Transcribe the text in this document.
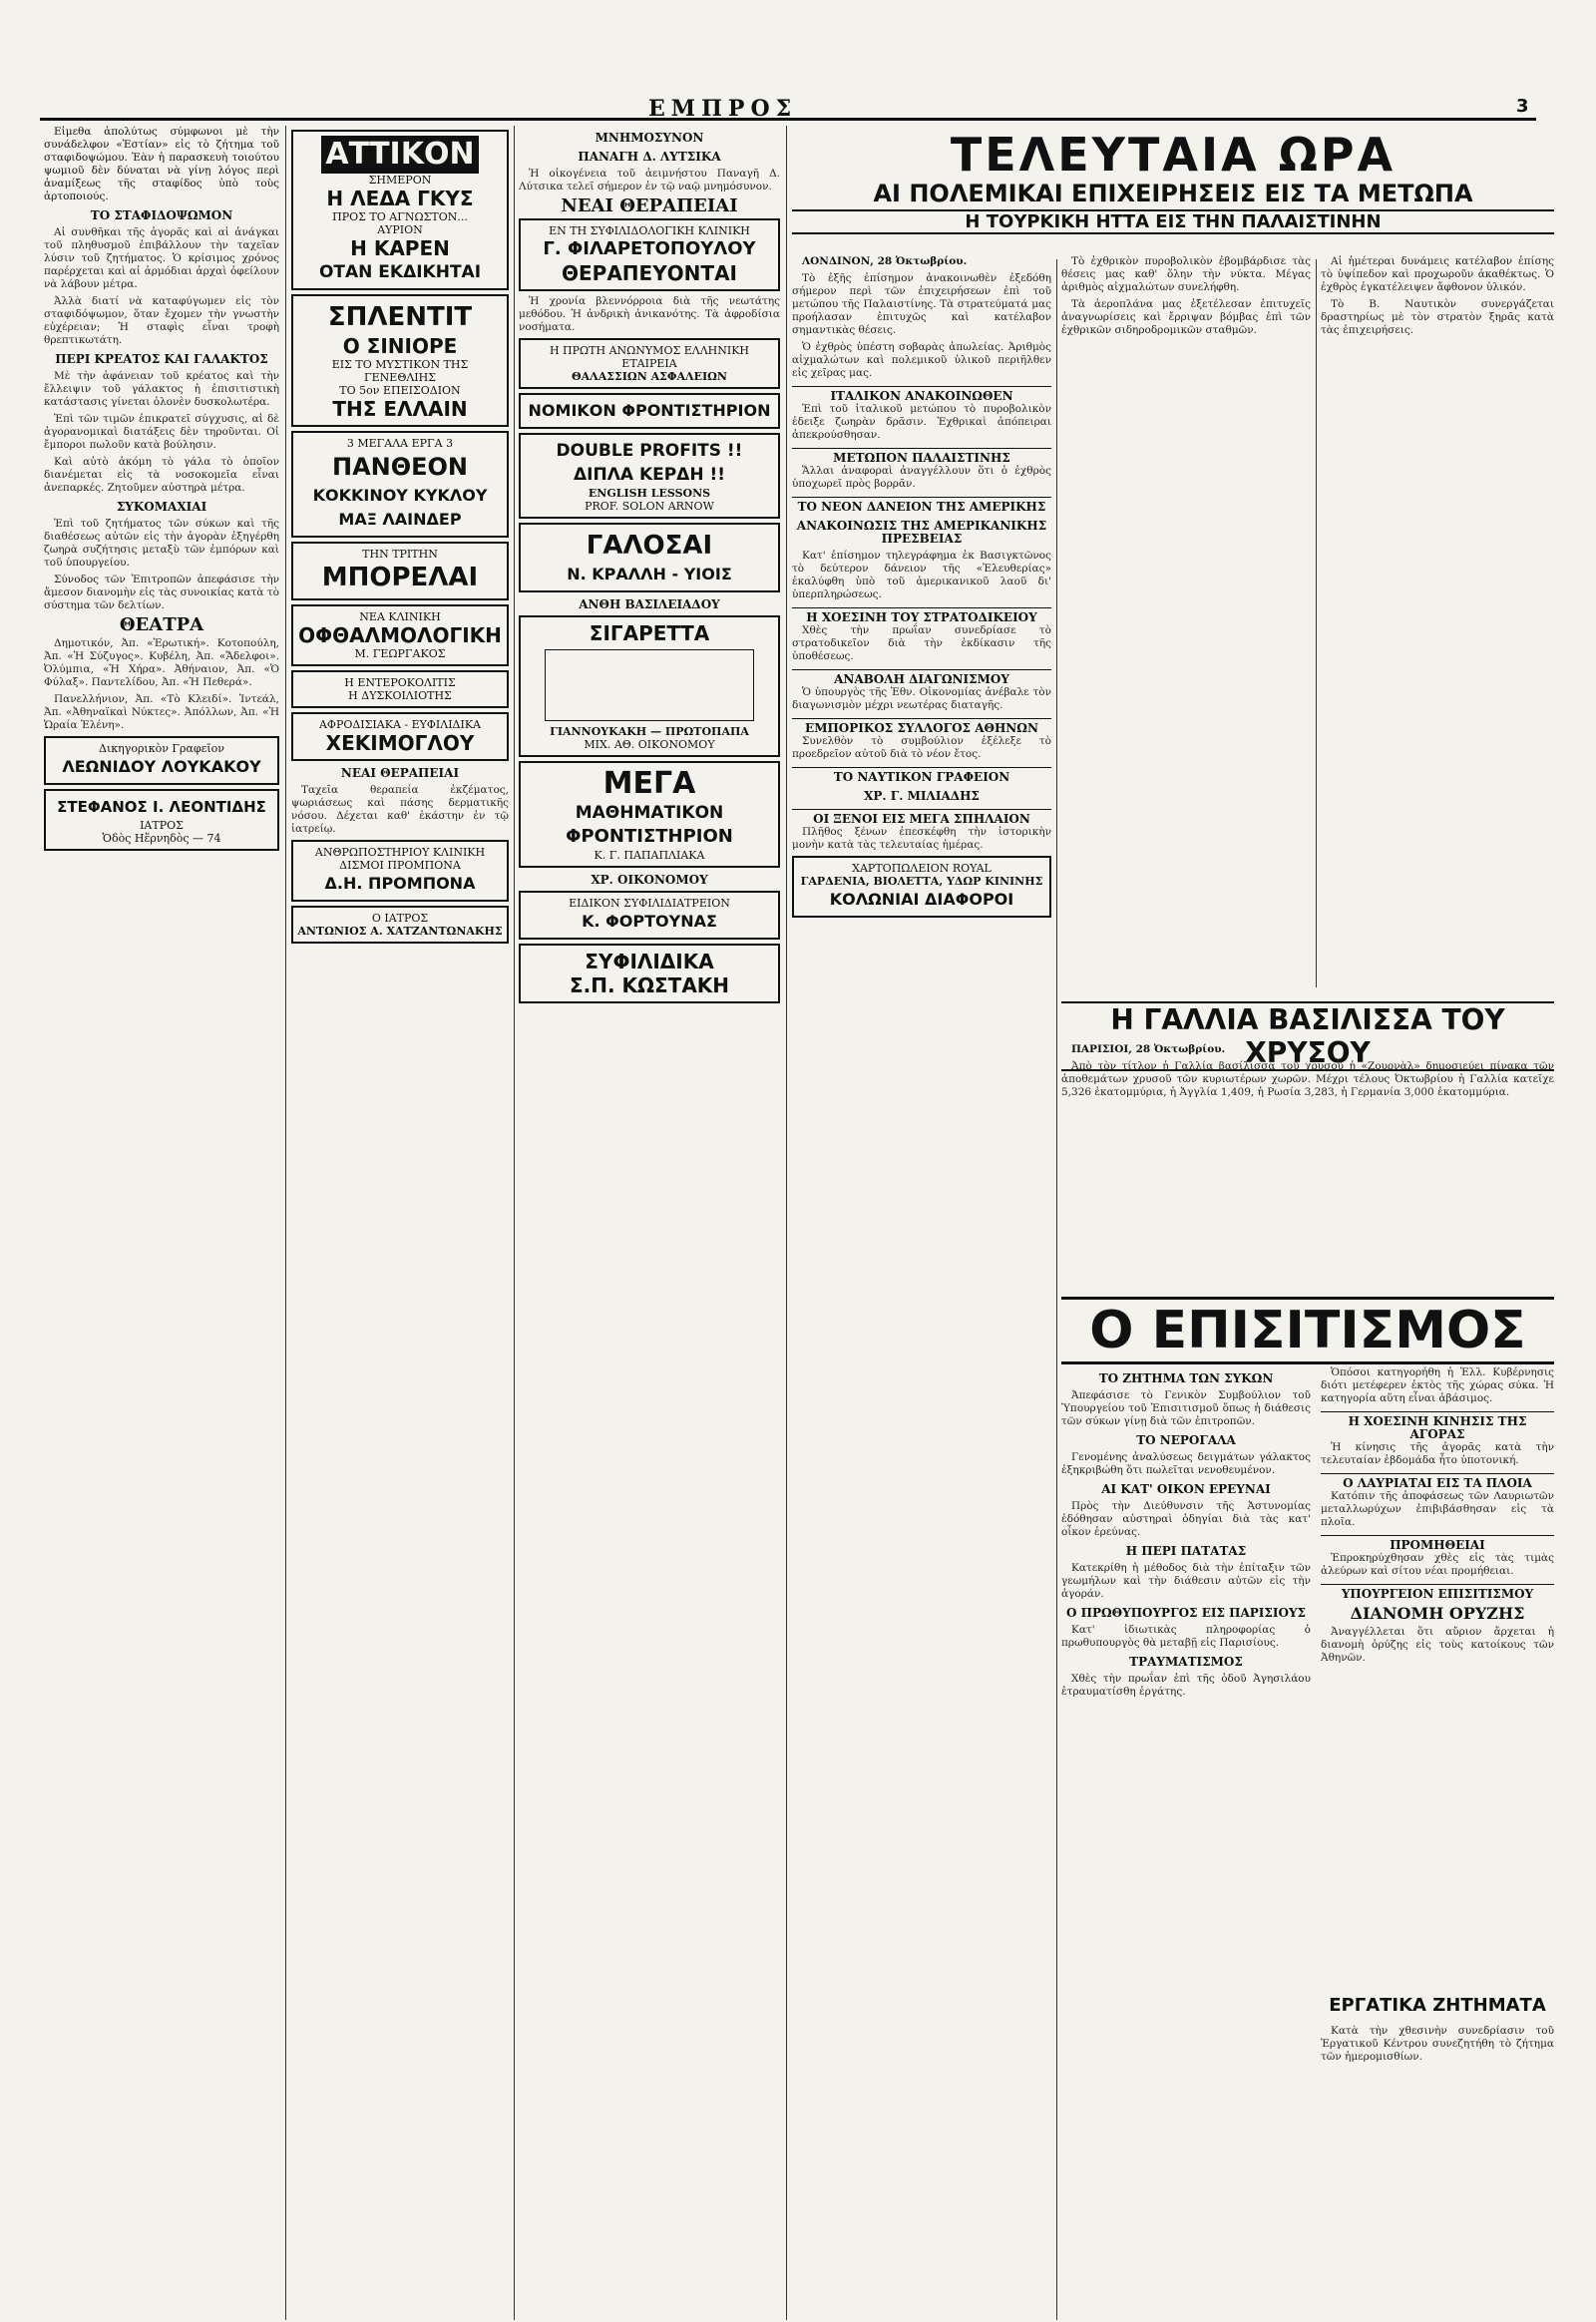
ΕΜΠΡΟΣ	3

Εἰμεθα ἀπολύτως σύμφωνοι μὲ τὴν συνάδελφον «Ἑστίαν» εἰς τὸ ζήτημα τοῦ σταφιδοψώμου. Ἐὰν ἡ παρασκευὴ τοιούτου ψωμιοῦ δὲν δύναται νὰ γίνῃ λόγος περὶ ἀναμίξεως τῆς σταφίδος ὑπὸ τοὺς ἀρτοποιούς.

ΤΟ ΣΤΑΦΙΔΟΨΩΜΟΝ

Αἱ συνθῆκαι τῆς ἀγορᾶς καὶ αἱ ἀνάγκαι τοῦ πληθυσμοῦ ἐπιβάλλουν τὴν ταχεῖαν λύσιν τοῦ ζητήματος. Ὁ κρίσιμος χρόνος παρέρχεται καὶ αἱ ἀρμόδιαι ἀρχαὶ ὀφείλουν νὰ λάβουν μέτρα.

Ἀλλὰ διατί νὰ καταφύγωμεν εἰς τὸν σταφιδόψωμον, ὅταν ἔχομεν τὴν γνωστὴν εὐχέρειαν; Ἡ σταφὶς εἶναι τροφὴ θρεπτικωτάτη.

ΠΕΡΙ ΚΡΕΑΤΟΣ ΚΑΙ ΓΑΛΑΚΤΟΣ

Μὲ τὴν ἀφάνειαν τοῦ κρέατος καὶ τὴν ἔλλειψιν τοῦ γάλακτος ἡ ἐπισιτιστικὴ κατάστασις γίνεται ὁλονὲν δυσκολωτέρα.

Ἐπὶ τῶν τιμῶν ἐπικρατεῖ σύγχυσις, αἱ δὲ ἀγορανομικαὶ διατάξεις δὲν τηροῦνται. Οἱ ἔμποροι πωλοῦν κατὰ βούλησιν.

Καὶ αὐτὸ ἀκόμη τὸ γάλα τὸ ὁποῖον διανέμεται εἰς τὰ νοσοκομεῖα εἶναι ἀνεπαρκές. Ζητοῦμεν αὐστηρὰ μέτρα.

ΣΥΚΟΜΑΧΙΑΙ

Ἐπὶ τοῦ ζητήματος τῶν σύκων καὶ τῆς διαθέσεως αὐτῶν εἰς τὴν ἀγορὰν ἐξηγέρθη ζωηρὰ συζήτησις μεταξὺ τῶν ἐμπόρων καὶ τοῦ ὑπουργείου.

Σύνοδος τῶν Ἐπιτροπῶν ἀπεφάσισε τὴν ἄμεσον διανομὴν εἰς τὰς συνοικίας κατὰ τὸ σύστημα τῶν δελτίων.

ΘΕΑΤΡΑ

Δημοτικόν, Ἀπ. «Ἐρωτική». Κοτοπούλη, Ἀπ. «Ἡ Σύζυγος». Κυβέλη, Ἀπ. «Ἄδελφοι». Ὀλύμπια, «Ἡ Χήρα». Ἀθήναιον, Ἀπ. «Ὁ Φύλαξ». Παντελίδου, Ἀπ. «Ἡ Πεθερά».

Πανελλήνιον, Ἀπ. «Τὸ Κλειδί». Ἰντεάλ, Ἀπ. «Ἀθηναϊκαὶ Νύκτες». Ἀπόλλων, Ἀπ. «Ἡ Ὡραία Ἑλένη».

Δικηγορικὸν Γραφεῖον
ΛΕΩΝΙΔΟΥ ΛΟΥΚΑΚΟΥ
ΣΤΕΦΑΝΟΣ Ι. ΛΕΟΝΤΙΔΗΣ
ΙΑΤΡΟΣ
Ὁδὸς Ηἕρνηδὸς — 74
ΑΤΤΙΚΟΝ
ΣΗΜΕΡΟΝ
Η ΛΕΔΑ ΓΚΥΣ
ΠΡΟΣ ΤΟ ΑΓΝΩΣΤΟΝ...
ΑΥΡΙΟΝ
Η ΚΑΡΕΝ
ΟΤΑΝ ΕΚΔΙΚΗΤΑΙ
ΣΠΛΕΝΤΙΤ
Ο ΣΙΝΙΟΡΕ
ΕΙΣ ΤΟ ΜΥΣΤΙΚΟΝ ΤΗΣ ΓΕΝΕΘΛΙΗΣ
ΤΟ 5ον ΕΠΕΙΣΟΔΙΟΝ
ΤΗΣ ΕΛΛΑΙΝ
3 ΜΕΓΑΛΑ ΕΡΓΑ 3
ΠΑΝΘΕΟΝ
ΚΟΚΚΙΝΟΥ ΚΥΚΛΟΥ
ΜΑΞ ΛΑΙΝΔΕΡ
ΤΗΝ ΤΡΙΤΗΝ
ΜΠΟΡΕΛΑΙ
ΝΕΑ ΚΛΙΝΙΚΗ
ΟΦΘΑΛΜΟΛΟΓΙΚΗ
Μ. ΓΕΩΡΓΑΚΟΣ
Η ΕΝΤΕΡΟΚΟΛΙΤΙΣ
Η ΔΥΣΚΟΙΛΙΟΤΗΣ
ΑΦΡΟΔΙΣΙΑΚΑ - ΕΥΦΙΛΙΔΙΚΑ
ΧΕΚΙΜΟΓΛΟΥ
ΝΕΑΙ ΘΕΡΑΠΕΙΑΙ

Ταχεῖα θεραπεία ἐκζέματος, ψωριάσεως καὶ πάσης δερματικῆς νόσου. Δέχεται καθ' ἑκάστην ἐν τῷ ἰατρείῳ.

ΑΝΘΡΩΠΟΣΤΗΡΙΟΥ ΚΛΙΝΙΚΗ ΔΙΣΜΟΙ ΠΡΟΜΠΟΝΑ
Δ.Η. ΠΡΟΜΠΟΝΑ
Ο ΙΑΤΡΟΣ
ΑΝΤΩΝΙΟΣ Α. ΧΑΤΖΑΝΤΩΝΑΚΗΣ
ΜΝΗΜΟΣΥΝΟΝ
ΠΑΝΑΓΗ Δ. ΛΥΤΣΙΚΑ

Ἡ οἰκογένεια τοῦ ἀειμνήστου Παναγῆ Δ. Λύτσικα τελεῖ σήμερον ἐν τῷ ναῷ μνημόσυνον.

ΝΕΑΙ ΘΕΡΑΠΕΙΑΙ
ΕΝ ΤΗ ΣΥΦΙΛΙΔΟΛΟΓΙΚΗ ΚΛΙΝΙΚΗ
Γ. ΦΙΛΑΡΕΤΟΠΟΥΛΟΥ
ΘΕΡΑΠΕΥΟΝΤΑΙ

Ἡ χρονία βλεννόρροια διὰ τῆς νεωτάτης μεθόδου. Ἡ ἀνδρικὴ ἀνικανότης. Τὰ ἀφροδίσια νοσήματα.

Η ΠΡΩΤΗ ΑΝΩΝΥΜΟΣ ΕΛΛΗΝΙΚΗ ΕΤΑΙΡΕΙΑ
ΘΑΛΑΣΣΙΩΝ ΑΣΦΑΛΕΙΩΝ
ΝΟΜΙΚΟΝ ΦΡΟΝΤΙΣΤΗΡΙΟΝ
DOUBLE PROFITS !!
ΔΙΠΛΑ ΚΕΡΔΗ !!
ENGLISH LESSONS
PROF. SOLON ARNOW
ΓΑΛΟΣΑΙ
Ν. ΚΡΑΛΛΗ - ΥΙΟΙΣ
ΑΝΘΗ ΒΑΣΙΛΕΙΑΔΟΥ
ΣΙΓΑΡΕΤΤΑ
ΓΙΑΝΝΟΥΚΑΚΗ — ΠΡΩΤΟΠΑΠΑ
ΜΙΧ. ΑΘ. ΟΙΚΟΝΟΜΟΥ
ΜΕΓΑ
ΜΑΘΗΜΑΤΙΚΟΝ
ΦΡΟΝΤΙΣΤΗΡΙΟΝ
Κ. Γ. ΠΑΠΑΠΛΙΑΚΑ
ΧΡ. ΟΙΚΟΝΟΜΟΥ
ΕΙΔΙΚΟΝ ΣΥΦΙΛΙΔΙΑΤΡΕΙΟΝ
Κ. ΦΟΡΤΟΥΝΑΣ
ΣΥΦΙΛΙΔΙΚΑ
Σ.Π. ΚΩΣΤΑΚΗ
ΤΕΛΕΥΤΑΙΑ ΩΡΑ
ΑΙ ΠΟΛΕΜΙΚΑΙ ΕΠΙΧΕΙΡΗΣΕΙΣ ΕΙΣ ΤΑ ΜΕΤΩΠΑ
Η ΤΟΥΡΚΙΚΗ ΗΤΤΑ ΕΙΣ ΤΗΝ ΠΑΛΑΙΣΤΙΝΗΝ

ΛΟΝΔΙΝΟΝ, 28 Ὀκτωβρίου.

Τὸ ἐξῆς ἐπίσημον ἀνακοινωθὲν ἐξεδόθη σήμερον περὶ τῶν ἐπιχειρήσεων ἐπὶ τοῦ μετώπου τῆς Παλαιστίνης. Τὰ στρατεύματά μας προήλασαν ἐπιτυχῶς καὶ κατέλαβον σημαντικὰς θέσεις.

Ὁ ἐχθρὸς ὑπέστη σοβαρὰς ἀπωλείας. Ἀριθμὸς αἰχμαλώτων καὶ πολεμικοῦ ὑλικοῦ περιῆλθεν εἰς χεῖρας μας.

ΙΤΑΛΙΚΟΝ ΑΝΑΚΟΙΝΩΘΕΝ

Ἐπὶ τοῦ ἰταλικοῦ μετώπου τὸ πυροβολικὸν ἐδειξε ζωηρὰν δρᾶσιν. Ἐχθρικαὶ ἀπόπειραι ἀπεκρούσθησαν.

ΜΕΤΩΠΟΝ ΠΑΛΑΙΣΤΙΝΗΣ

Ἄλλαι ἀναφοραὶ ἀναγγέλλουν ὅτι ὁ ἐχθρὸς ὑποχωρεῖ πρὸς βορρᾶν.

ΤΟ ΝΕΟΝ ΔΑΝΕΙΟΝ ΤΗΣ ΑΜΕΡΙΚΗΣ
ΑΝΑΚΟΙΝΩΣΙΣ ΤΗΣ ΑΜΕΡΙΚΑΝΙΚΗΣ ΠΡΕΣΒΕΙΑΣ

Κατ' ἐπίσημον τηλεγράφημα ἐκ Βασιγκτῶνος τὸ δεύτερον δάνειον τῆς «Ἐλευθερίας» ἐκαλύφθη ὑπὸ τοῦ ἀμερικανικοῦ λαοῦ δι' ὑπερπληρώσεως.

Η ΧΟΕΣΙΝΗ ΤΟΥ ΣΤΡΑΤΟΔΙΚΕΙΟΥ

Χθὲς τὴν πρωΐαν συνεδρίασε τὸ στρατοδικεῖον διὰ τὴν ἐκδίκασιν τῆς ὑποθέσεως.

ΑΝΑΒΟΛΗ ΔΙΑΓΩΝΙΣΜΟΥ

Ὁ ὑπουργὸς τῆς Ἐθν. Οἰκονομίας ἀνέβαλε τὸν διαγωνισμὸν μέχρι νεωτέρας διαταγῆς.

ΕΜΠΟΡΙΚΟΣ ΣΥΛΛΟΓΟΣ ΑΘΗΝΩΝ

Συνελθὸν τὸ συμβούλιον ἐξέλεξε τὸ προεδρεῖον αὐτοῦ διὰ τὸ νέον ἔτος.

ΤΟ ΝΑΥΤΙΚΟΝ ΓΡΑΦΕΙΟΝ
ΧΡ. Γ. ΜΙΛΙΑΔΗΣ
ΟΙ ΞΕΝΟΙ ΕΙΣ ΜΕΓΑ ΣΠΗΛΑΙΟΝ

Πλῆθος ξένων ἐπεσκέφθη τὴν ἱστορικὴν μονὴν κατὰ τὰς τελευταίας ἡμέρας.

ΧΑΡΤΟΠΩΛΕΙΟΝ ROYAL
ΓΑΡΔΕΝΙΑ, ΒΙΟΛΕΤΤΑ, ΥΔΩΡ ΚΙΝΙΝΗΣ
ΚΟΛΩΝΙΑΙ ΔΙΑΦΟΡΟΙ

Τὸ ἐχθρικὸν πυροβολικὸν ἐβομβάρδισε τὰς θέσεις μας καθ' ὅλην τὴν νύκτα. Μέγας ἀριθμὸς αἰχμαλώτων συνελήφθη.

Τὰ ἀεροπλάνα μας ἐξετέλεσαν ἐπιτυχεῖς ἀναγνωρίσεις καὶ ἔρριψαν βόμβας ἐπὶ τῶν ἐχθρικῶν σιδηροδρομικῶν σταθμῶν.

Αἱ ἡμέτεραι δυνάμεις κατέλαβον ἐπίσης τὸ ὑψίπεδον καὶ προχωροῦν ἀκαθέκτως. Ὁ ἐχθρὸς ἐγκατέλειψεν ἄφθονον ὑλικόν.

Τὸ Β. Ναυτικὸν συνεργάζεται δραστηρίως μὲ τὸν στρατὸν ξηρᾶς κατὰ τὰς ἐπιχειρήσεις.

Η ΓΑΛΛΙΑ ΒΑΣΙΛΙΣΣΑ ΤΟΥ ΧΡΥΣΟΥ

ΠΑΡΙΣΙΟΙ, 28 Ὀκτωβρίου.

Ἀπὸ τὸν τίτλον ἡ Γαλλία βασίλισσα τοῦ χρυσοῦ ἡ «Ζουρνὰλ» δημοσιεύει πίνακα τῶν ἀποθεμάτων χρυσοῦ τῶν κυριωτέρων χωρῶν. Μέχρι τέλους Ὀκτωβρίου ἡ Γαλλία κατεῖχε 5,326 ἑκατομμύρια, ἡ Ἀγγλία 1,409, ἡ Ρωσία 3,283, ἡ Γερμανία 3,000 ἑκατομμύρια.

Ο ΕΠΙΣΙΤΙΣΜΟΣ
ΤΟ ΖΗΤΗΜΑ ΤΩΝ ΣΥΚΩΝ

Ἀπεφάσισε τὸ Γενικὸν Συμβούλιον τοῦ Ὑπουργείου τοῦ Ἐπισιτισμοῦ ὅπως ἡ διάθεσις τῶν σύκων γίνῃ διὰ τῶν ἐπιτροπῶν.

ΤΟ ΝΕΡΟΓΑΛΑ

Γενομένης ἀναλύσεως δειγμάτων γάλακτος ἐξηκριβώθη ὅτι πωλεῖται νενοθευμένον.

ΑΙ ΚΑΤ' ΟΙΚΟΝ ΕΡΕΥΝΑΙ

Πρὸς τὴν Διεύθυνσιν τῆς Ἀστυνομίας ἐδόθησαν αὐστηραὶ ὁδηγίαι διὰ τὰς κατ' οἶκον ἐρεύνας.

Η ΠΕΡΙ ΠΑΤΑΤΑΣ

Κατεκρίθη ἡ μέθοδος διὰ τὴν ἐπίταξιν τῶν γεωμήλων καὶ τὴν διάθεσιν αὐτῶν εἰς τὴν ἀγοράν.

Ο ΠΡΩΘΥΠΟΥΡΓΟΣ ΕΙΣ ΠΑΡΙΣΙΟΥΣ

Κατ' ἰδιωτικὰς πληροφορίας ὁ πρωθυπουργὸς θὰ μεταβῇ εἰς Παρισίους.

ΤΡΑΥΜΑΤΙΣΜΟΣ

Χθὲς τὴν πρωΐαν ἐπὶ τῆς ὁδοῦ Ἀγησιλάου ἐτραυματίσθη ἐργάτης.

Ὁπόσοι κατηγορήθη ἡ Ἑλλ. Κυβέρνησις διότι μετέφερεν ἐκτὸς τῆς χώρας σύκα. Ἡ κατηγορία αὕτη εἶναι ἀβάσιμος.

Η ΧΟΕΣΙΝΗ ΚΙΝΗΣΙΣ ΤΗΣ ΑΓΟΡΑΣ

Ἡ κίνησις τῆς ἀγορᾶς κατὰ τὴν τελευταίαν ἑβδομάδα ἦτο ὑποτονική.

Ο ΛΑΥΡΙΑΤΑΙ ΕΙΣ ΤΑ ΠΛΟΙΑ

Κατόπιν τῆς ἀποφάσεως τῶν Λαυριωτῶν μεταλλωρύχων ἐπιβιβάσθησαν εἰς τὰ πλοῖα.

ΠΡΟΜΗΘΕΙΑΙ

Ἐπροκηρύχθησαν χθὲς εἰς τὰς τιμὰς ἀλεύρων καὶ σίτου νέαι προμήθειαι.

ΥΠΟΥΡΓΕΙΟΝ ΕΠΙΣΙΤΙΣΜΟΥ
ΔΙΑΝΟΜΗ ΟΡΥΖΗΣ

Ἀναγγέλλεται ὅτι αὔριον ἄρχεται ἡ διανομὴ ὀρύζης εἰς τοὺς κατοίκους τῶν Ἀθηνῶν.

ΕΡΓΑΤΙΚΑ ΖΗΤΗΜΑΤΑ

Κατὰ τὴν χθεσινὴν συνεδρίασιν τοῦ Ἐργατικοῦ Κέντρου συνεζητήθη τὸ ζήτημα τῶν ἡμερομισθίων.
